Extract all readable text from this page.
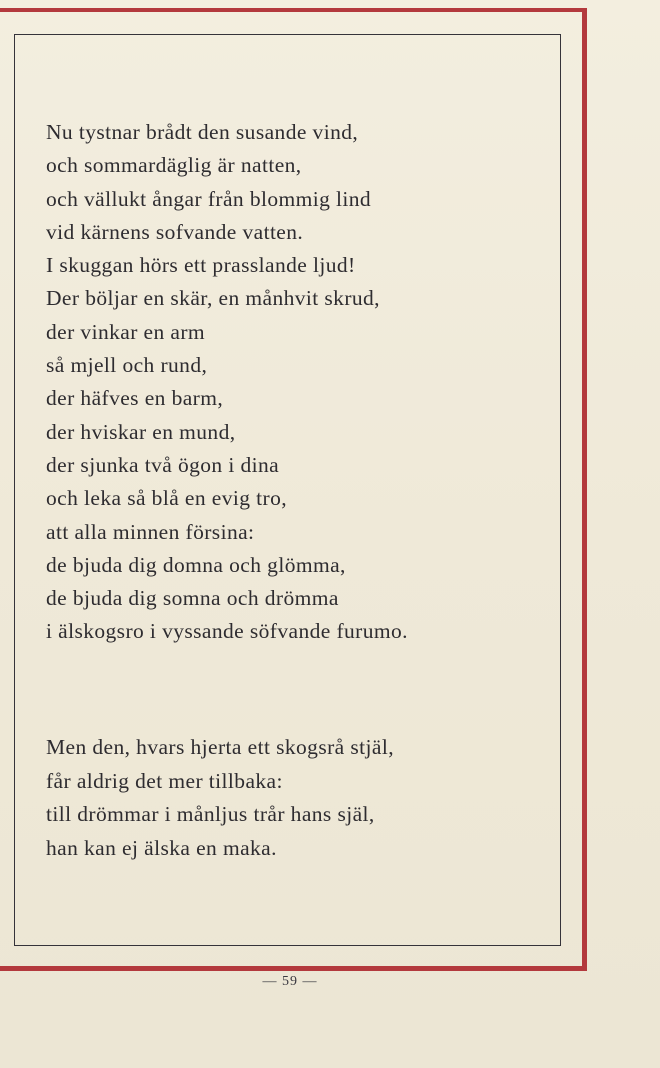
Nu tystnar brådt den susande vind,
och sommardäglig är natten,
och vällukt ångar från blommig lind
vid kärnens sofvande vatten.
I skuggan hörs ett prasslande ljud!
Der böljar en skär, en månhvit skrud,
der vinkar en arm
så mjell och rund,
der häfves en barm,
der hviskar en mund,
der sjunka två ögon i dina
och leka så blå en evig tro,
att alla minnen försina:
de bjuda dig domna och glömma,
de bjuda dig somna och drömma
i älskogsro i vyssande söfvande furumo.
Men den, hvars hjerta ett skogsrå stjäl,
får aldrig det mer tillbaka:
till drömmar i månljus trår hans själ,
han kan ej älska en maka.
— 59 —
